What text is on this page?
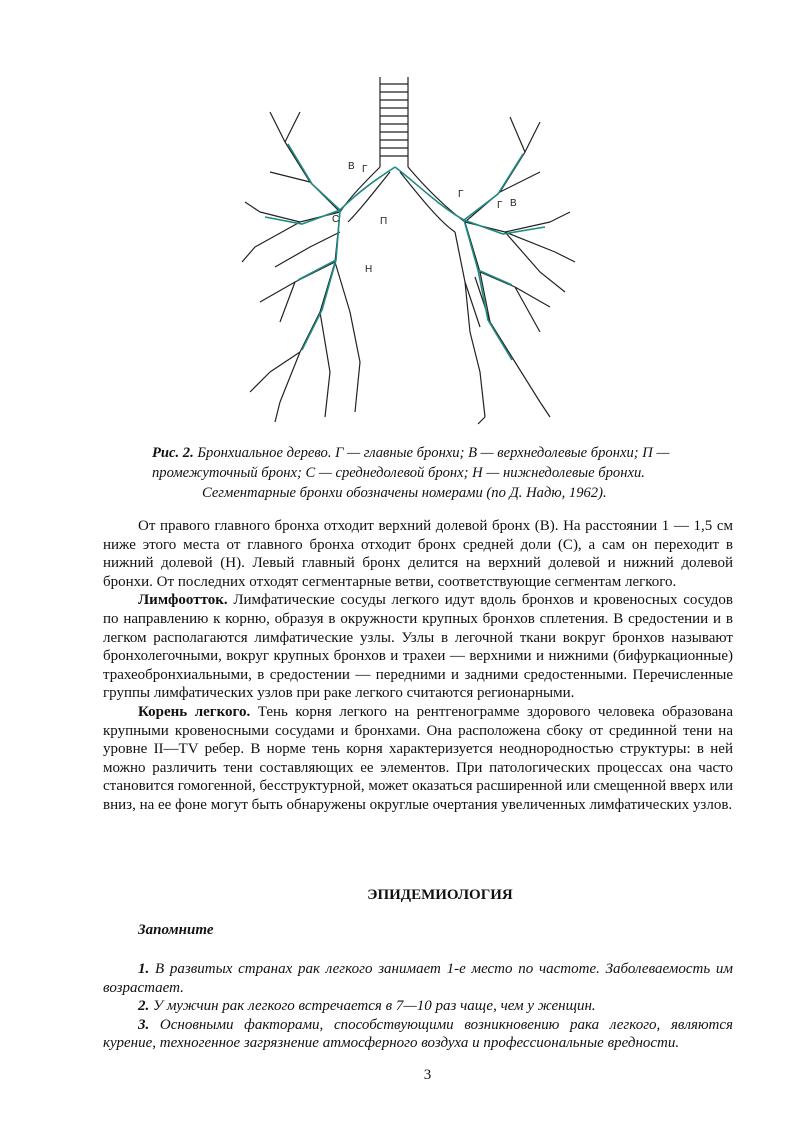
Г
Г
В
В
П
Н
С
Г
Рис. 2. Бронхиальное дерево. Г — главные бронхи; В — верхнедолевые бронхи; П —
промежуточный бронх; С — среднедолевой бронх; Н — нижнедолевые бронхи.
Сегментарные бронхи обозначены номерами (по Д. Надю, 1962).

От правого главного бронха отходит верхний долевой бронх (В). На расстоянии 1 — 1,5 см ниже этого места от главного бронха отходит бронх средней доли (С), а сам он переходит в нижний долевой (Н). Левый главный бронх делится на верхний долевой и нижний долевой бронхи. От последних отходят сегментарные ветви, соответствующие сегментам легкого.

Лимфоотток. Лимфатические сосуды легкого идут вдоль бронхов и кровеносных сосудов по направлению к корню, образуя в окружности крупных бронхов сплетения. В средостении и в легком располагаются лимфатические узлы. Узлы в легочной ткани вокруг бронхов называют бронхолегочными, вокруг крупных бронхов и трахеи — верхними и нижними (бифуркационные) трахеобронхиальными, в средостении — передними и задними средостенными. Перечисленные группы лимфатических узлов при раке легкого считаются регионарными.

Корень легкого. Тень корня легкого на рентгенограмме здорового человека образована крупными кровеносными сосудами и бронхами. Она расположена сбоку от срединной тени на уровне II—TV ребер. В норме тень корня характеризуется неоднородностью структуры: в ней можно различить тени составляющих ее элементов. При патологических процессах она часто становится гомогенной, бесструктурной, может оказаться расширенной или смещенной вверх или вниз, на ее фоне могут быть обнаружены округлые очертания увеличенных лимфатических узлов.

ЭПИДЕМИОЛОГИЯ
Запомните

1. В развитых странах рак легкого занимает 1-е место по частоте. Заболеваемость им возрастает.

2. У мужчин рак легкого встречается в 7—10 раз чаще, чем у женщин.

3. Основными факторами, способствующими возникновению рака легкого, являются курение, техногенное загрязнение атмосферного воздуха и профессиональные вредности.

3
